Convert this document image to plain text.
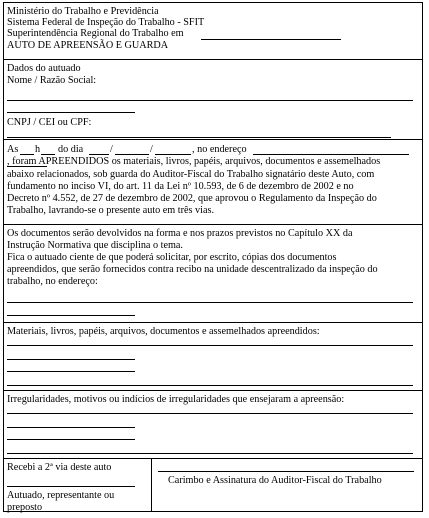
Ministério do Trabalho e Previdência
Sistema Federal de Inspeção do Trabalho - SFIT
Superintendência Regional do Trabalho em
AUTO DE APREENSÃO E GUARDA
Dados do autuado
Nome / Razão Social:
CNPJ / CEI ou CPF:
As h do dia	/	/	, no endereço
, foram APREENDIDOS os materiais, livros, papéis, arquivos, documentos e assemelhados
abaixo relacionados, sob guarda do Auditor-Fiscal do Trabalho signatário deste Auto, com
fundamento no inciso VI, do art. 11 da Lei nº 10.593, de 6 de dezembro de 2002 e no
Decreto nº 4.552, de 27 de dezembro de 2002, que aprovou o Regulamento da Inspeção do
Trabalho, lavrando-se o presente auto em três vias.
Os documentos serão devolvidos na forma e nos prazos previstos no Capítulo XX da
Instrução Normativa que disciplina o tema.
Fica o autuado ciente de que poderá solicitar, por escrito, cópias dos documentos
apreendidos, que serão fornecidos contra recibo na unidade descentralizado da inspeção do
trabalho, no endereço:
Materiais, livros, papéis, arquivos, documentos e assemelhados apreendidos:
Irregularidades, motivos ou indícios de irregularidades que ensejaram a apreensão:
Recebi a 2ª via deste auto
Carimbo e Assinatura do Auditor-Fiscal do Trabalho
Autuado, representante ou
preposto
